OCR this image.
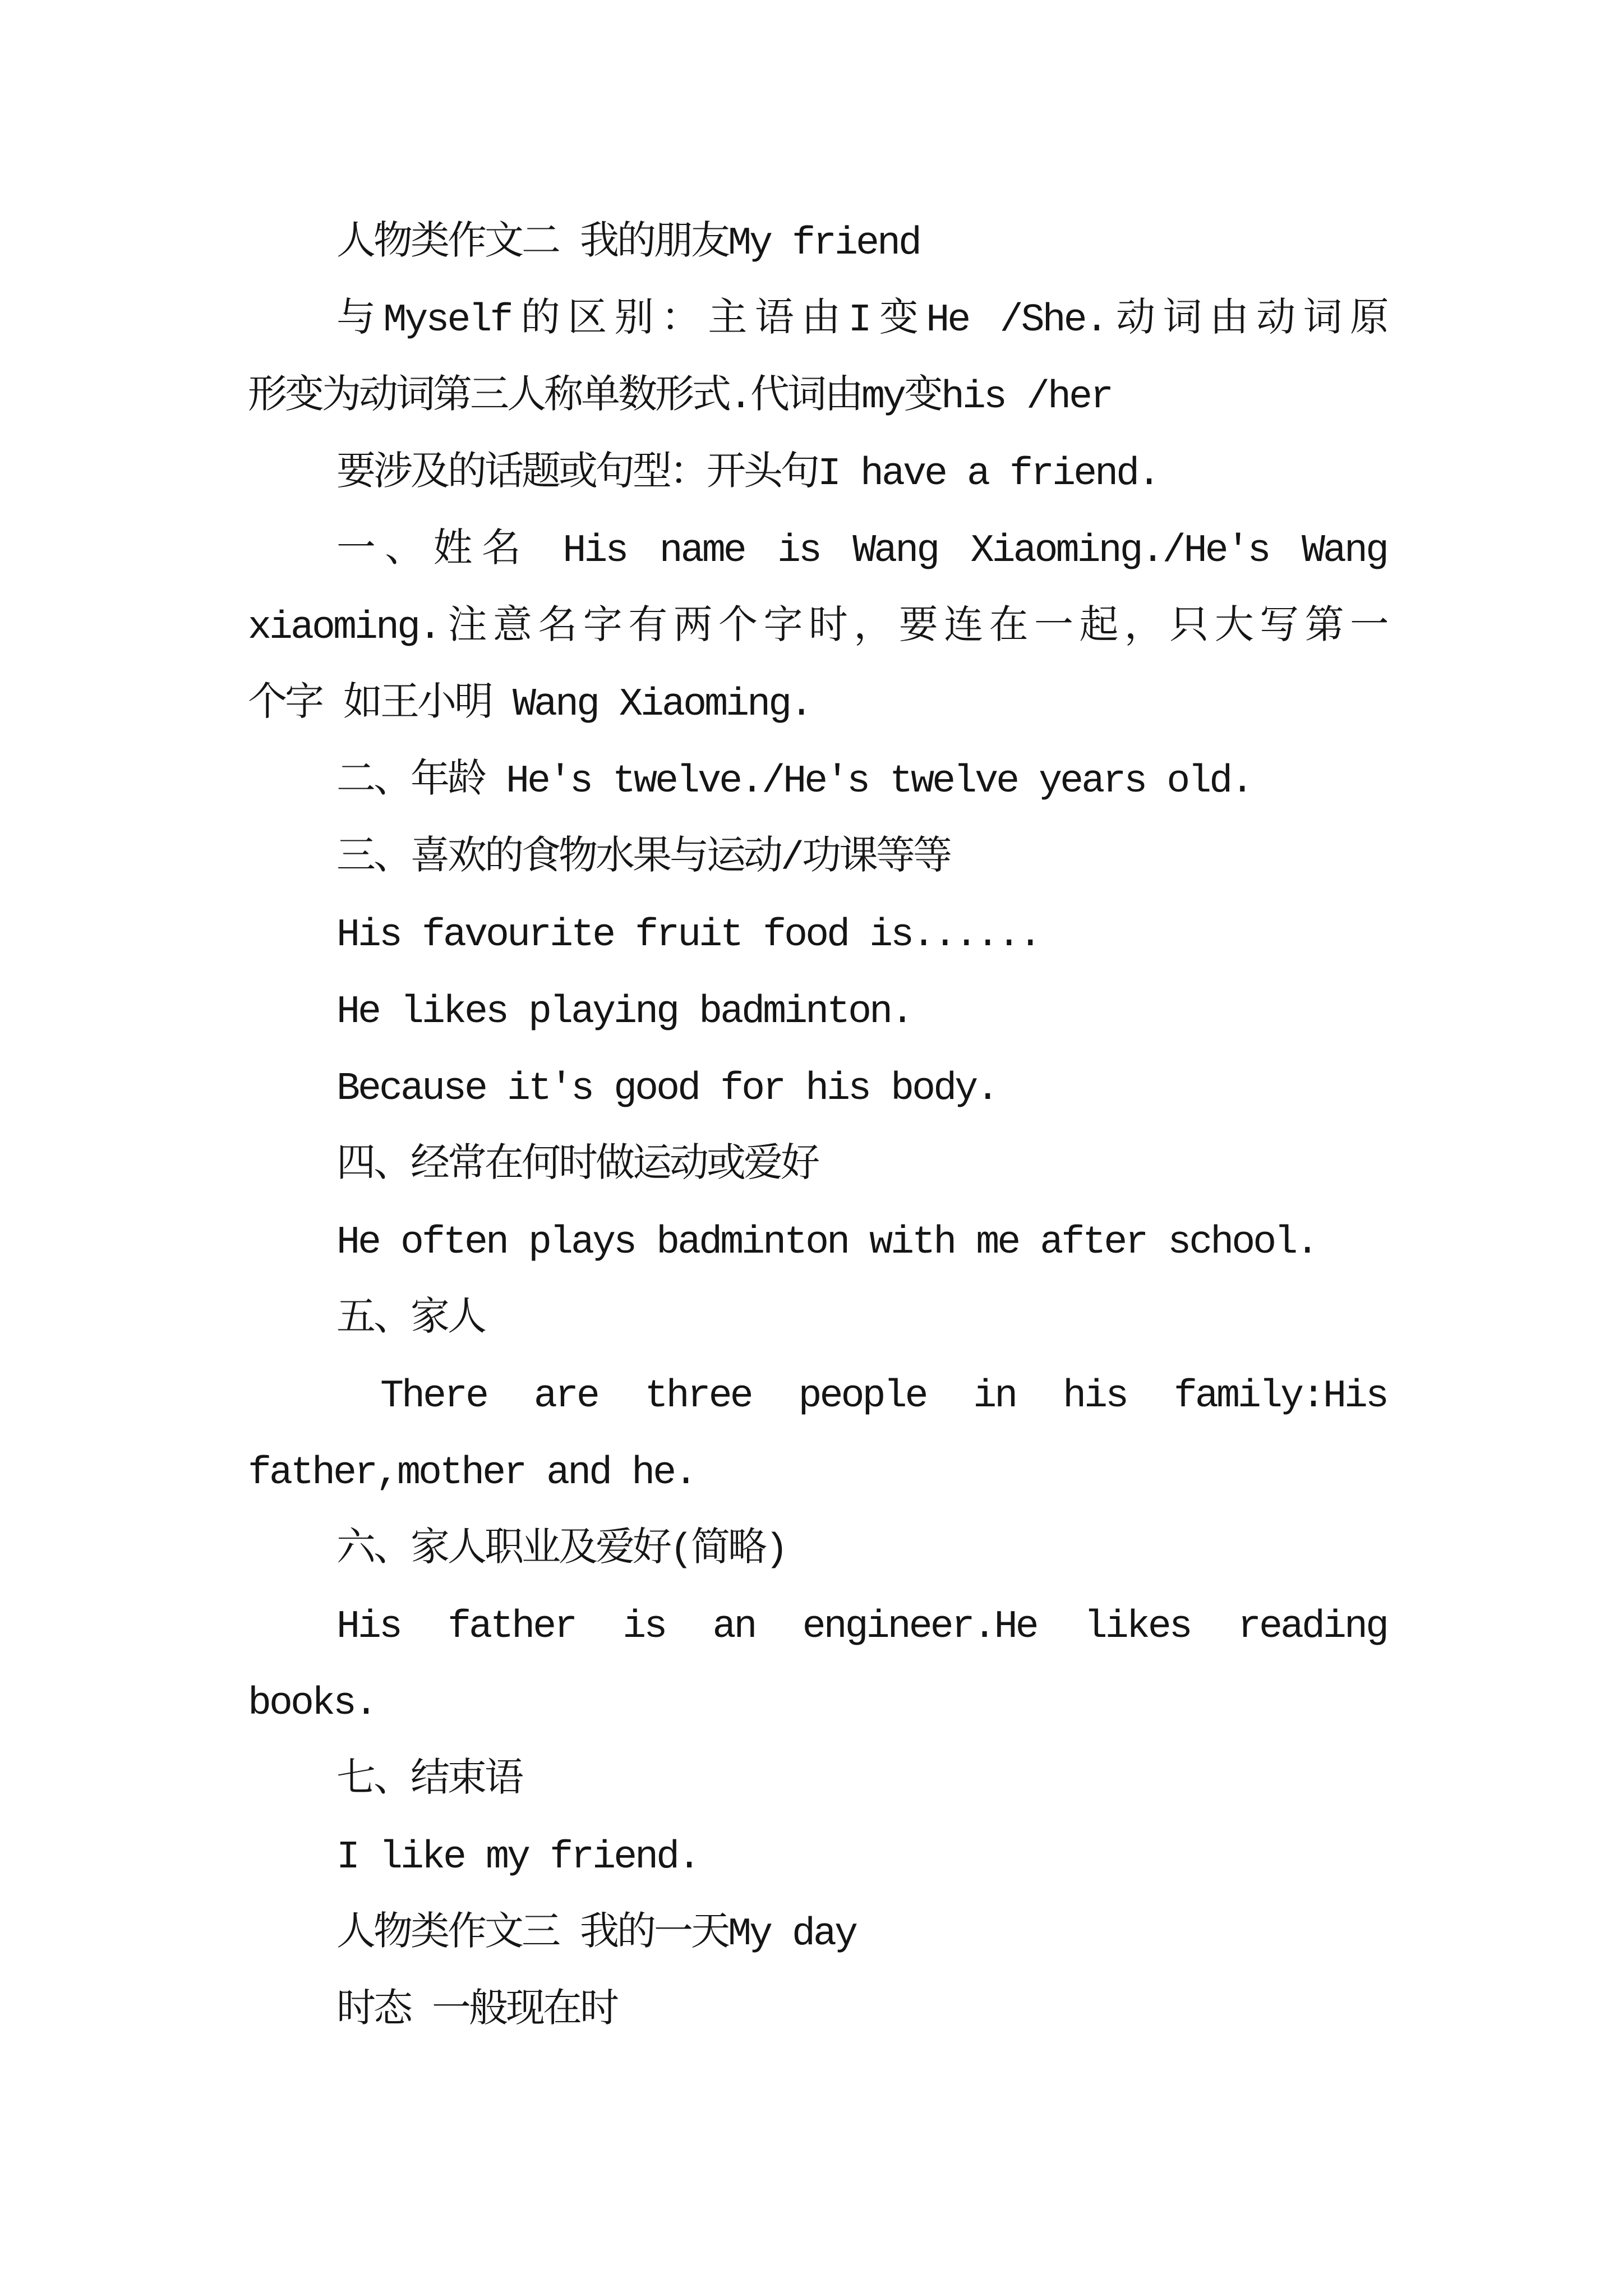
人物类作文二 我的朋友My friend
与Myself的区别：主语由I变He /She.动词由动词原
形变为动词第三人称单数形式.代词由my变his /her
要涉及的话题或句型：开头句I have a friend.
一、姓名 His name is Wang Xiaoming./He's Wang
xiaoming.注意名字有两个字时，要连在一起，只大写第一
个字 如王小明 Wang Xiaoming.
二、年龄 He's twelve./He's twelve years old.
三、喜欢的食物水果与运动/功课等等
His favourite fruit food is......
He likes playing badminton.
Because it's good for his body.
四、经常在何时做运动或爱好
He often plays badminton with me after school.
五、家人
There are three people in his family:His
father,mother and he.
六、家人职业及爱好(简略)
His father is an engineer.He likes reading
books.
七、结束语
I like my friend.
人物类作文三 我的一天My day
时态 一般现在时
